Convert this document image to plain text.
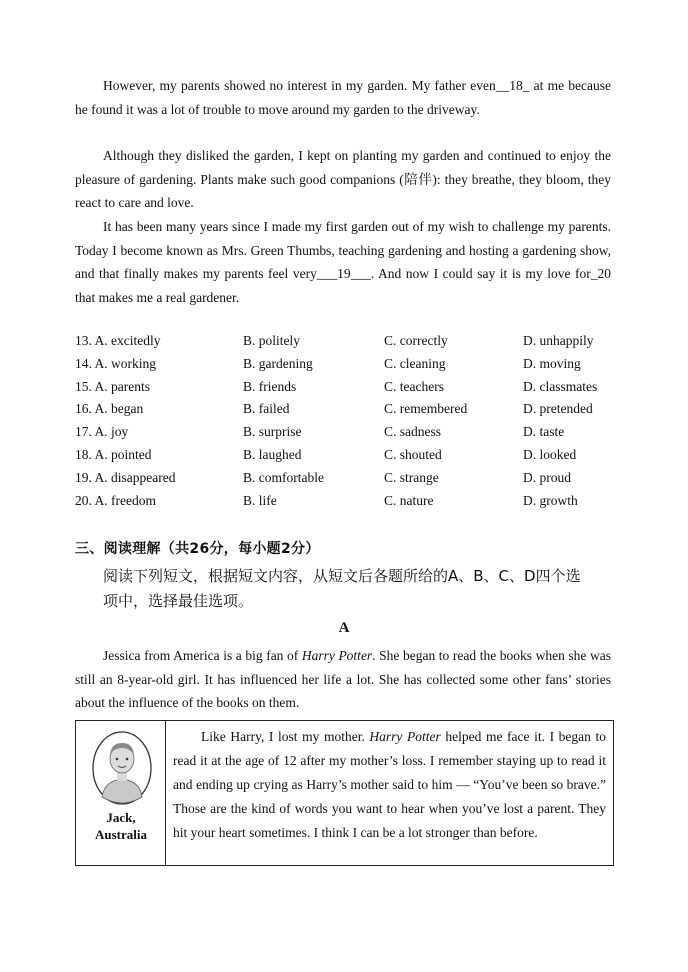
However, my parents showed no interest in my garden. My father even__18_ at me because he found it was a lot of trouble to move around my garden to the driveway.

Although they disliked the garden, I kept on planting my garden and continued to enjoy the pleasure of gardening. Plants make such good companions (陪伴): they breathe, they bloom, they react to care and love.

It has been many years since I made my first garden out of my wish to challenge my parents. Today I become known as Mrs. Green Thumbs, teaching gardening and hosting a gardening show, and that finally makes my parents feel very___19___. And now I could say it is my love for_20 that makes me a real gardener.

13. A. excitedly	B. politely	C. correctly	D. unhappily
14. A. working	B. gardening	C. cleaning	D. moving
15. A. parents	B. friends	C. teachers	D. classmates
16. A. began	B. failed	C. remembered	D. pretended
17. A. joy	B. surprise	C. sadness	D. taste
18. A. pointed	B. laughed	C. shouted	D. looked
19. A. disappeared	B. comfortable	C. strange	D. proud
20. A. freedom	B. life	C. nature	D. growth
三、阅读理解（共26分，每小题2分）
阅读下列短文，根据短文内容，从短文后各题所给的A、B、C、D四个选
项中，选择最佳选项。
A

Jessica from America is a big fan of Harry Potter. She began to read the books when she was still an 8-year-old girl. It has influenced her life a lot. She has collected some other fans’ stories about the influence of the books on them.

Jack,
Australia

Like Harry, I lost my mother. Harry Potter helped me face it. I began to read it at the age of 12 after my mother’s loss. I remember staying up to read it and ending up crying as Harry’s mother said to him — “You’ve been so brave.” Those are the kind of words you want to hear when you’ve lost a parent. They hit your heart sometimes. I think I can be a lot stronger than before.
